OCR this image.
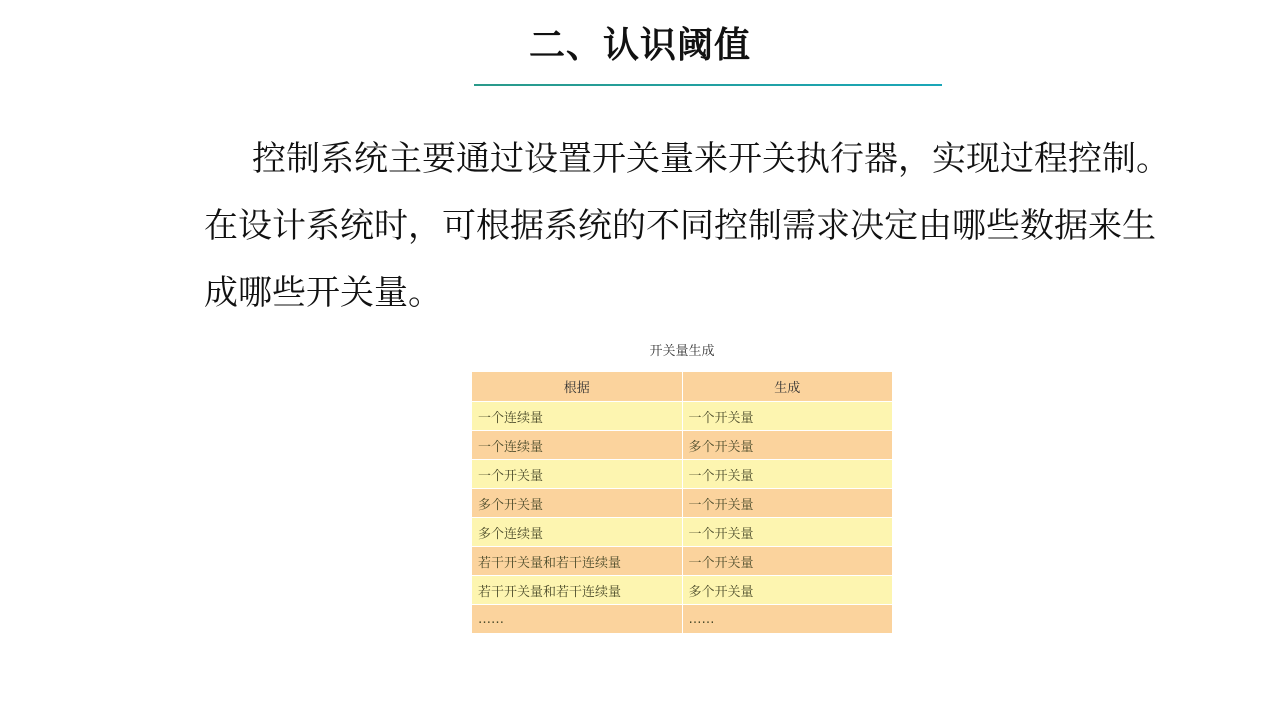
二、认识阈值

控制系统主要通过设置开关量来开关执行器，实现过程控制。在设计系统时，可根据系统的不同控制需求决定由哪些数据来生成哪些开关量。

开关量生成
根据	生成
一个连续量	一个开关量
一个连续量	多个开关量
一个开关量	一个开关量
多个开关量	一个开关量
多个连续量	一个开关量
若干开关量和若干连续量	一个开关量
若干开关量和若干连续量	多个开关量
……	……
